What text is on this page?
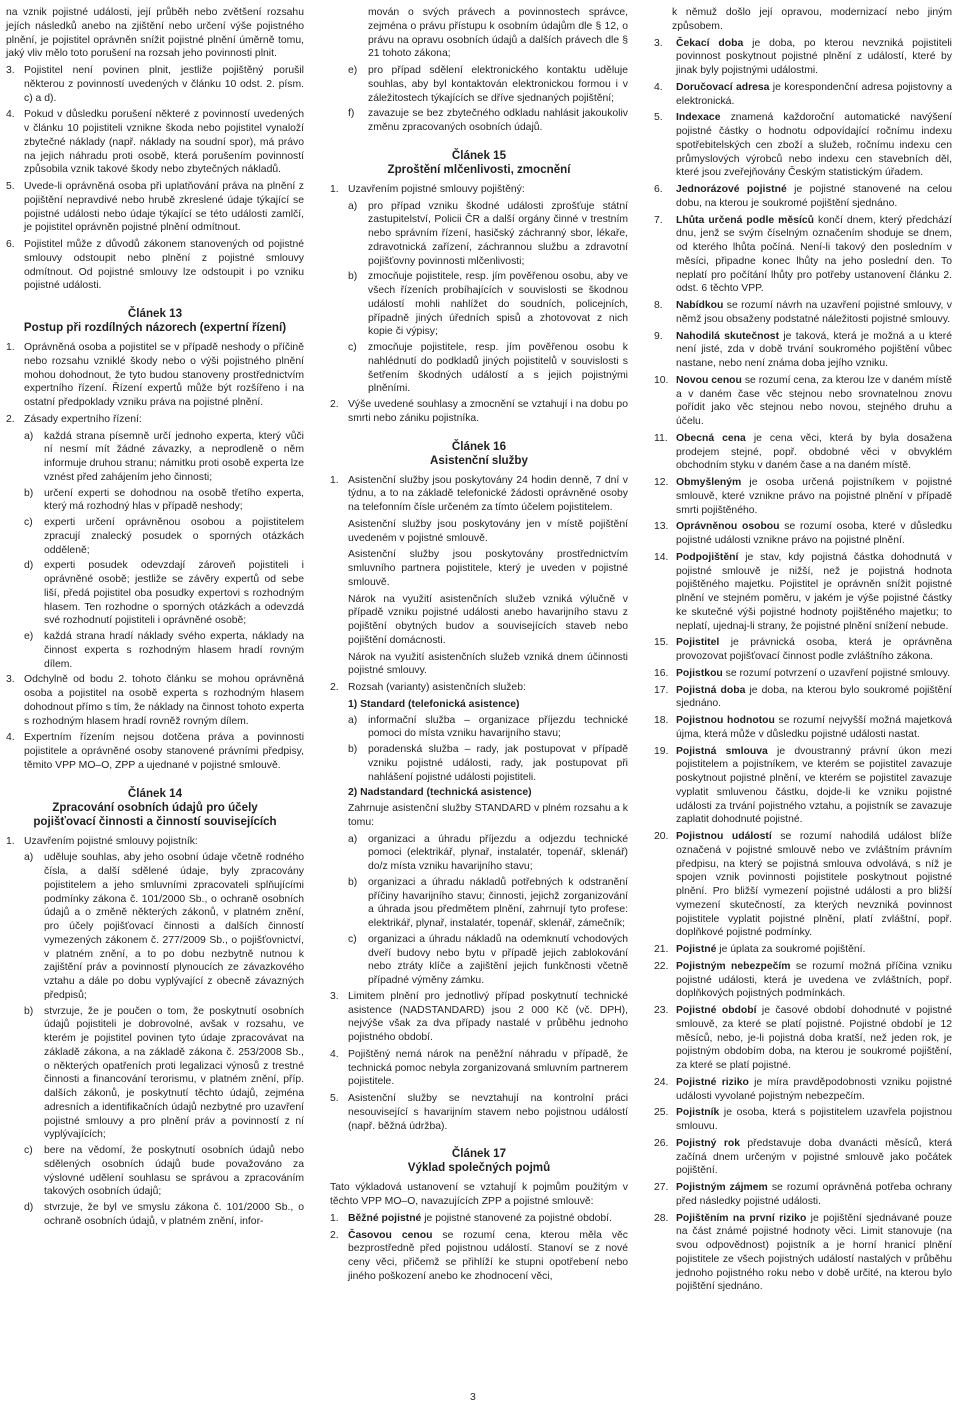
na vznik pojistné události, její průběh nebo zvětšení rozsahu jejích následků anebo na zjištění nebo určení výše pojistného plnění, je pojistitel oprávněn snížit pojistné plnění úměrně tomu, jaký vliv mělo toto porušení na rozsah jeho povinnosti plnit.

3. Pojistitel není povinen plnit, jestliže pojištěný porušil některou z povinností uvedených v článku 10 odst. 2. písm. c) a d).
4. Pokud v důsledku porušení některé z povinností uvedených v článku 10 pojistiteli vznikne škoda nebo pojistitel vynaloží zbytečné náklady (např. náklady na soudní spor), má právo na jejich náhradu proti osobě, která porušením povinností způsobila vznik takové škody nebo zbytečných nákladů.
5. Uvede-li oprávněná osoba při uplatňování práva na plnění z pojištění nepravdivé nebo hrubě zkreslené údaje týkající se pojistné události nebo údaje týkající se této události zamlčí, je pojistitel oprávněn pojistné plnění odmítnout.
6. Pojistitel může z důvodů zákonem stanovených od pojistné smlouvy odstoupit nebo plnění z pojistné smlouvy odmítnout. Od pojistné smlouvy lze odstoupit i po vzniku pojistné události.
Článek 13
Postup při rozdílných názorech (expertní řízení)
1. Oprávněná osoba a pojistitel se v případě neshody o příčině nebo rozsahu vzniklé škody nebo o výši pojistného plnění mohou dohodnout, že tyto budou stanoveny prostřednictvím expertního řízení. Řízení expertů může být rozšířeno i na ostatní předpoklady vzniku práva na pojistné plnění.
2. Zásady expertního řízení:
a) každá strana písemně určí jednoho experta, který vůči ní nesmí mít žádné závazky, a neprodleně o něm informuje druhou stranu; námitku proti osobě experta lze vznést před zahájením jeho činnosti;
b) určení experti se dohodnou na osobě třetího experta, který má rozhodný hlas v případě neshody;
c) experti určení oprávněnou osobou a pojistitelem zpracují znalecký posudek o sporných otázkách odděleně;
d) experti posudek odevzdají zároveň pojistiteli i oprávněné osobě; jestliže se závěry expertů od sebe liší, předá pojistitel oba posudky expertovi s rozhodným hlasem. Ten rozhodne o sporných otázkách a odevzdá své rozhodnutí pojistiteli i oprávněné osobě;
e) každá strana hradí náklady svého experta, náklady na činnost experta s rozhodným hlasem hradí rovným dílem.
3. Odchylně od bodu 2. tohoto článku se mohou oprávněná osoba a pojistitel na osobě experta s rozhodným hlasem dohodnout přímo s tím, že náklady na činnost tohoto experta s rozhodným hlasem hradí rovněž rovným dílem.
4. Expertním řízením nejsou dotčena práva a povinnosti pojistitele a oprávněné osoby stanovené právními předpisy, těmito VPP MO–O, ZPP a ujednané v pojistné smlouvě.
Článek 14
Zpracování osobních údajů pro účely
pojišťovací činnosti a činností souvisejících
1. Uzavřením pojistné smlouvy pojistník:
a) uděluje souhlas, aby jeho osobní údaje včetně rodného čísla, a další sdělené údaje, byly zpracovány pojistitelem a jeho smluvními zpracovateli splňujícími podmínky zákona č. 101/2000 Sb., o ochraně osobních údajů a o změně některých zákonů, v platném znění, pro účely pojišťovací činnosti a dalších činností vymezených zákonem č. 277/2009 Sb., o pojišťovnictví, v platném znění, a to po dobu nezbytně nutnou k zajištění práv a povinností plynoucích ze závazkového vztahu a dále po dobu vyplývající z obecně závazných předpisů;
b) stvrzuje, že je poučen o tom, že poskytnutí osobních údajů pojistiteli je dobrovolné, avšak v rozsahu, ve kterém je pojistitel povinen tyto údaje zpracovávat na základě zákona, a na základě zákona č. 253/2008 Sb., o některých opatřeních proti legalizaci výnosů z trestné činnosti a financování terorismu, v platném znění, příp. dalších zákonů, je poskytnutí těchto údajů, zejména adresních a identifikačních údajů nezbytné pro uzavření pojistné smlouvy a pro plnění práv a povinností z ní vyplývajících;
c) bere na vědomí, že poskytnutí osobních údajů nebo sdělených osobních údajů bude považováno za výslovné udělení souhlasu se správou a zpracováním takových osobních údajů;
d) stvrzuje, že byl ve smyslu zákona č. 101/2000 Sb., o ochraně osobních údajů, v platném znění, infor-

mován o svých právech a povinnostech správce, zejména o právu přístupu k osobním údajům dle § 12, o právu na opravu osobních údajů a dalších právech dle § 21 tohoto zákona;

e) pro případ sdělení elektronického kontaktu uděluje souhlas, aby byl kontaktován elektronickou formou i v záležitostech týkajících se dříve sjednaných pojištění;
f) zavazuje se bez zbytečného odkladu nahlásit jakoukoliv změnu zpracovaných osobních údajů.
Článek 15
Zproštění mlčenlivosti, zmocnění
1. Uzavřením pojistné smlouvy pojištěný:
a) pro případ vzniku škodné události zprošťuje státní zastupitelství, Policii ČR a další orgány činné v trestním nebo správním řízení, hasičský záchranný sbor, lékaře, zdravotnická zařízení, záchrannou službu a zdravotní pojišťovny povinnosti mlčenlivosti;
b) zmocňuje pojistitele, resp. jím pověřenou osobu, aby ve všech řízeních probíhajících v souvislosti se škodnou událostí mohli nahlížet do soudních, policejních, případně jiných úředních spisů a zhotovovat z nich kopie či výpisy;
c) zmocňuje pojistitele, resp. jím pověřenou osobu k nahlédnutí do podkladů jiných pojistitelů v souvislosti s šetřením škodných událostí a s jejich pojistnými plněními.
2. Výše uvedené souhlasy a zmocnění se vztahují i na dobu po smrti nebo zániku pojistníka.
Článek 16
Asistenční služby
1. Asistenční služby jsou poskytovány 24 hodin denně, 7 dní v týdnu, a to na základě telefonické žádosti oprávněné osoby na telefonním čísle určeném za tímto účelem pojistitelem.

Asistenční služby jsou poskytovány jen v místě pojištění uvedeném v pojistné smlouvě.

Asistenční služby jsou poskytovány prostřednictvím smluvního partnera pojistitele, který je uveden v pojistné smlouvě.

Nárok na využití asistenčních služeb vzniká výlučně v případě vzniku pojistné události anebo havarijního stavu z pojištění obytných budov a souvisejících staveb nebo pojištění domácnosti.

Nárok na využití asistenčních služeb vzniká dnem účinnosti pojistné smlouvy.

2. Rozsah (varianty) asistenčních služeb:

1) Standard (telefonická asistence)

a) informační služba – organizace příjezdu technické pomoci do místa vzniku havarijního stavu;
b) poradenská služba – rady, jak postupovat v případě vzniku pojistné události, rady, jak postupovat při nahlášení pojistné události pojistiteli.

2) Nadstandard (technická asistence)

Zahrnuje asistenční služby STANDARD v plném rozsahu a k tomu:

a) organizaci a úhradu příjezdu a odjezdu technické pomoci (elektrikář, plynař, instalatér, topenář, sklenář) do/z místa vzniku havarijního stavu;
b) organizaci a úhradu nákladů potřebných k odstranění příčiny havarijního stavu; činnosti, jejichž zorganizování a úhrada jsou předmětem plnění, zahrnují tyto profese: elektrikář, plynař, instalatér, topenář, sklenář, zámečník;
c) organizaci a úhradu nákladů na odemknutí vchodových dveří budovy nebo bytu v případě jejich zablokování nebo ztráty klíče a zajištění jejich funkčnosti včetně případné výměny zámku.
3. Limitem plnění pro jednotlivý případ poskytnutí technické asistence (NADSTANDARD) jsou 2 000 Kč (vč. DPH), nejvýše však za dva případy nastalé v průběhu jednoho pojistného období.
4. Pojištěný nemá nárok na peněžní náhradu v případě, že technická pomoc nebyla zorganizovaná smluvním partnerem pojistitele.
5. Asistenční služby se nevztahují na kontrolní práci nesouvisející s havarijním stavem nebo pojistnou událostí (např. běžná údržba).
Článek 17
Výklad společných pojmů

Tato výkladová ustanovení se vztahují k pojmům použitým v těchto VPP MO–O, navazujících ZPP a pojistné smlouvě:

1. Běžné pojistné je pojistné stanovené za pojistné období.
2. Časovou cenou se rozumí cena, kterou měla věc bezprostředně před pojistnou událostí. Stanoví se z nové ceny věci, přičemž se přihlíží ke stupni opotřebení nebo jiného poškození anebo ke zhodnocení věci,

k němuž došlo její opravou, modernizací nebo jiným způsobem.

3. Čekací doba je doba, po kterou nevzniká pojistiteli povinnost poskytnout pojistné plnění z událostí, které by jinak byly pojistnými událostmi.
4. Doručovací adresa je korespondenční adresa pojistovny a elektronická.
5. Indexace znamená každoroční automatické navýšení pojistné částky o hodnotu odpovídající ročnímu indexu spotřebitelských cen zboží a služeb, ročnímu indexu cen průmyslových výrobců nebo indexu cen stavebních děl, které jsou zveřejňovány Českým statistickým úřadem.
6. Jednorázové pojistné je pojistné stanovené na celou dobu, na kterou je soukromé pojištění sjednáno.
7. Lhůta určená podle měsíců končí dnem, který předchází dnu, jenž se svým číselným označením shoduje se dnem, od kterého lhůta počíná. Není-li takový den posledním v měsíci, připadne konec lhůty na jeho poslední den. To neplatí pro počítání lhůty pro potřeby ustanovení článku 2. odst. 6 těchto VPP.
8. Nabídkou se rozumí návrh na uzavření pojistné smlouvy, v němž jsou obsaženy podstatné náležitosti pojistné smlouvy.
9. Nahodilá skutečnost je taková, která je možná a u které není jisté, zda v době trvání soukromého pojištění vůbec nastane, nebo není známa doba jejího vzniku.
10. Novou cenou se rozumí cena, za kterou lze v daném místě a v daném čase věc stejnou nebo srovnatelnou znovu pořídit jako věc stejnou nebo novou, stejného druhu a účelu.
11. Obecná cena je cena věci, která by byla dosažena prodejem stejné, popř. obdobné věci v obvyklém obchodním styku v daném čase a na daném místě.
12. Obmyšleným je osoba určená pojistníkem v pojistné smlouvě, které vznikne právo na pojistné plnění v případě smrti pojištěného.
13. Oprávněnou osobou se rozumí osoba, které v důsledku pojistné události vznikne právo na pojistné plnění.
14. Podpojištění je stav, kdy pojistná částka dohodnutá v pojistné smlouvě je nižší, než je pojistná hodnota pojištěného majetku. Pojistitel je oprávněn snížit pojistné plnění ve stejném poměru, v jakém je výše pojistné částky ke skutečné výši pojistné hodnoty pojištěného majetku; to neplatí, ujednaj-li strany, že pojistné plnění snížení nebude.
15. Pojistitel je právnická osoba, která je oprávněna provozovat pojišťovací činnost podle zvláštního zákona.
16. Pojistkou se rozumí potvrzení o uzavření pojistné smlouvy.
17. Pojistná doba je doba, na kterou bylo soukromé pojištění sjednáno.
18. Pojistnou hodnotou se rozumí nejvyšší možná majetková újma, která může v důsledku pojistné události nastat.
19. Pojistná smlouva je dvoustranný právní úkon mezi pojistitelem a pojistníkem, ve kterém se pojistitel zavazuje poskytnout pojistné plnění, ve kterém se pojistitel zavazuje vyplatit smluvenou částku, dojde-li ke vzniku pojistné události za trvání pojistného vztahu, a pojistník se zavazuje zaplatit dohodnuté pojistné.
20. Pojistnou událostí se rozumí nahodilá událost blíže označená v pojistné smlouvě nebo ve zvláštním právním předpisu, na který se pojistná smlouva odvolává, s níž je spojen vznik povinnosti pojistitele poskytnout pojistné plnění. Pro bližší vymezení pojistné události a pro bližší vymezení skutečností, za kterých nevzniká povinnost pojistitele vyplatit pojistné plnění, platí zvláštní, popř. doplňkové pojistné podmínky.
21. Pojistné je úplata za soukromé pojištění.
22. Pojistným nebezpečím se rozumí možná příčina vzniku pojistné události, která je uvedena ve zvláštních, popř. doplňkových pojistných podmínkách.
23. Pojistné období je časové období dohodnuté v pojistné smlouvě, za které se platí pojistné. Pojistné období je 12 měsíců, nebo, je-li pojistná doba kratší, než jeden rok, je pojistným obdobím doba, na kterou je soukromé pojištění, za které se platí pojistné.
24. Pojistné riziko je míra pravděpodobnosti vzniku pojistné události vyvolané pojistným nebezpečím.
25. Pojistník je osoba, která s pojistitelem uzavřela pojistnou smlouvu.
26. Pojistný rok představuje doba dvanácti měsíců, která začíná dnem určeným v pojistné smlouvě jako počátek pojištění.
27. Pojistným zájmem se rozumí oprávněná potřeba ochrany před následky pojistné události.
28. Pojištěním na první riziko je pojištění sjednávané pouze na část známé pojistné hodnoty věci. Limit stanovuje (na svou odpovědnost) pojistník a je horní hranicí plnění pojistitele ze všech pojistných událostí nastalých v průběhu jednoho pojistného roku nebo v době určité, na kterou bylo pojištění sjednáno.
3
